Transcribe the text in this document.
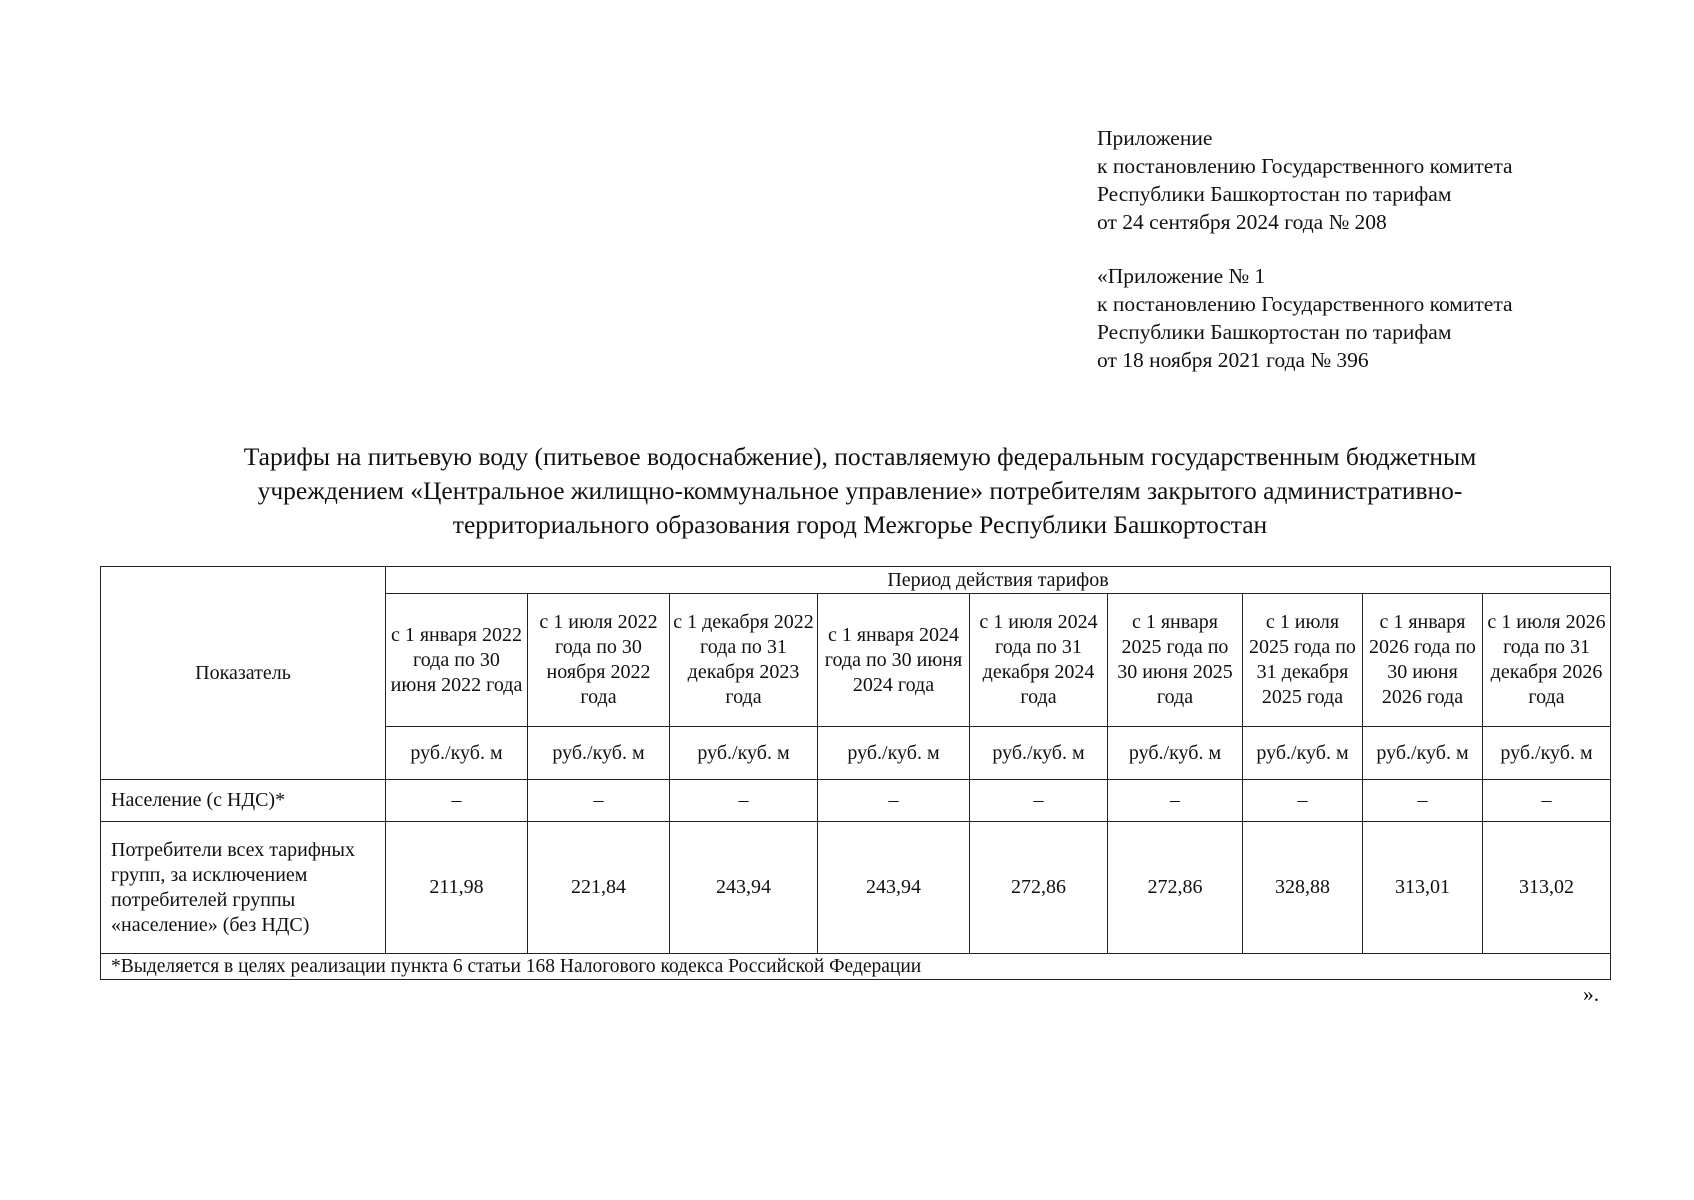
Приложение
к постановлению Государственного комитета
Республики Башкортостан по тарифам
от 24 сентября 2024 года № 208
«Приложение № 1
к постановлению Государственного комитета
Республики Башкортостан по тарифам
от 18 ноября 2021 года № 396
Тарифы на питьевую воду (питьевое водоснабжение), поставляемую федеральным государственным бюджетным
учреждением «Центральное жилищно-коммунальное управление» потребителям закрытого административно-
территориального образования город Межгорье Республики Башкортостан
Показатель	Период действия тарифов								
	с 1 января 2022 года по 30 июня 2022 года	с 1 июля 2022 года по 30 ноября 2022 года	с 1 декабря 2022 года по 31 декабря 2023 года	с 1 января 2024 года по 30 июня 2024 года	с 1 июля 2024 года по 31 декабря 2024 года	с 1 января 2025 года по 30 июня 2025 года	с 1 июля 2025 года по 31 декабря 2025 года	с 1 января 2026 года по 30 июня 2026 года	с 1 июля 2026 года по 31 декабря 2026 года
	руб./куб. м	руб./куб. м	руб./куб. м	руб./куб. м	руб./куб. м	руб./куб. м	руб./куб. м	руб./куб. м	руб./куб. м
Население (с НДС)*	–	–	–	–	–	–	–	–	–
Потребители всех тарифных групп, за исключением потребителей группы «население» (без НДС)	211,98	221,84	243,94	243,94	272,86	272,86	328,88	313,01	313,02
*Выделяется в целях реализации пункта 6 статьи 168 Налогового кодекса Российской Федерации									
».
